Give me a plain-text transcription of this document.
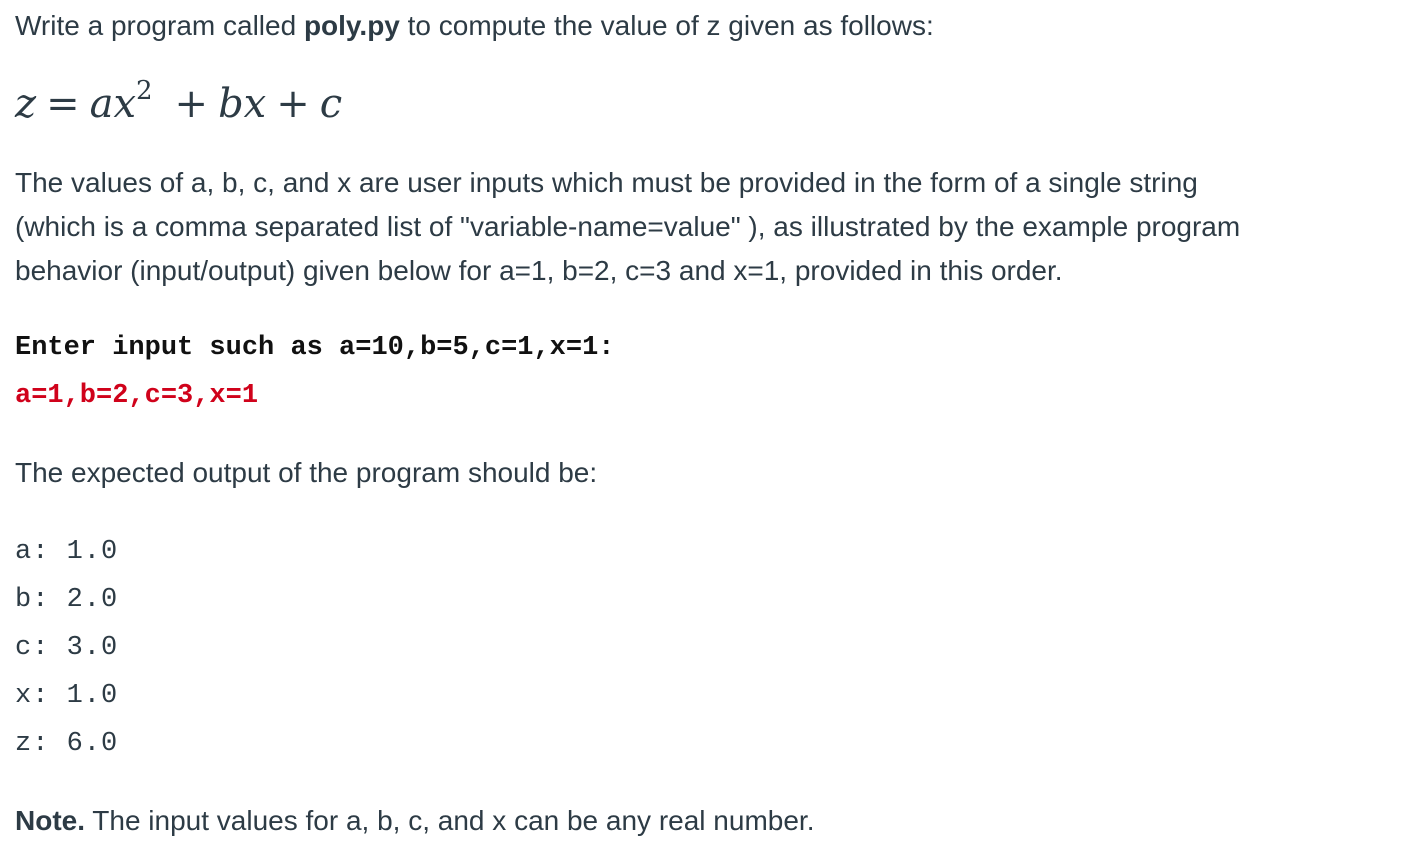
Write a program called poly.py to compute the value of z given as follows:
$z = ax^2$ + bx + c
The values of a, b, c, and x are user inputs which must be provided in the form of a single string
(which is a comma separated list of "variable-name=value" ), as illustrated by the example program
behavior (input/output) given below for a=1, b=2, c=3 and x=1, provided in this order.
Enter input such as a=10,b=5,c=1,x=1:
a=1,b=2,c=3,x=1
The expected output of the program should be:
a: 1.0
b: 2.0
c: 3.0
x: 1.0
z: 6.0
Note. The input values for a, b, c, and x can be any real number.
